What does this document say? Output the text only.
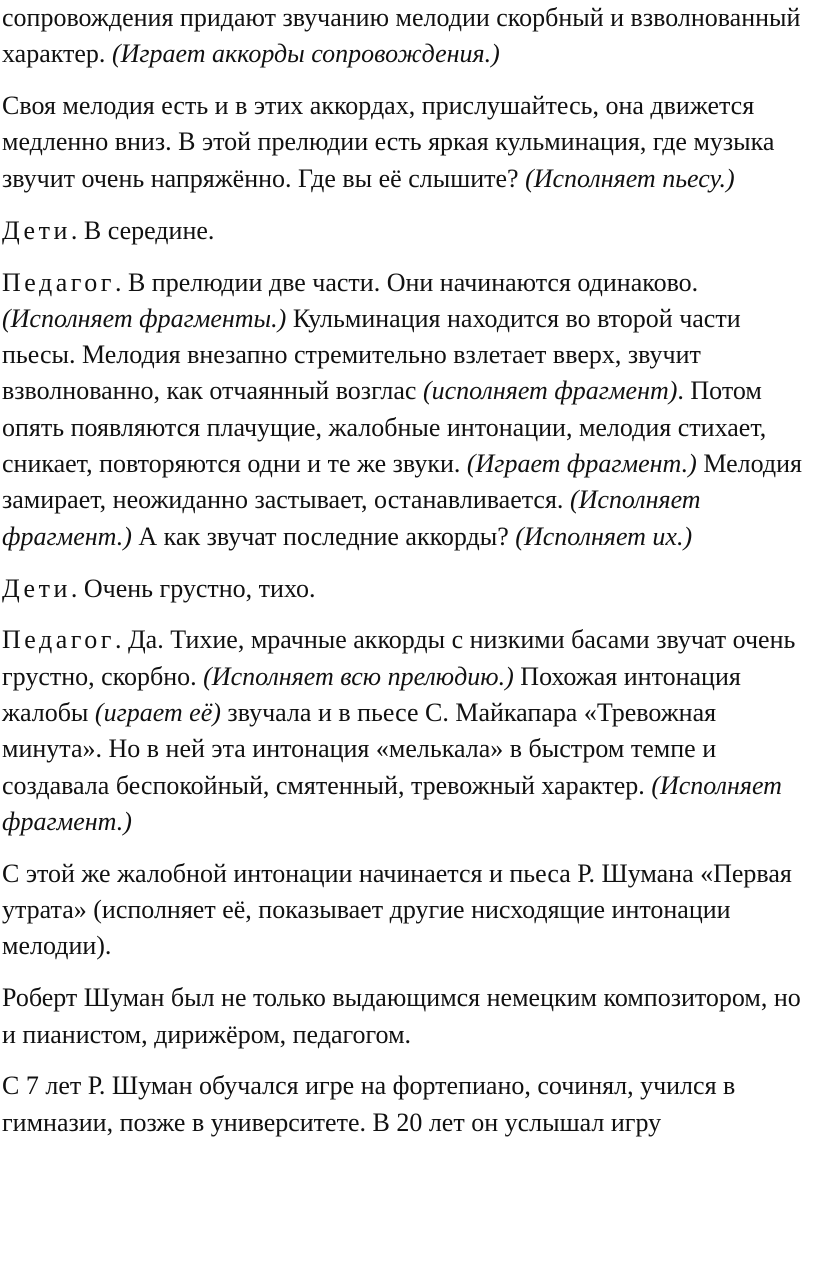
сопровождения придают звучанию мелодии скорбный и взволнованный характер. (Играет аккорды сопровождения.)

Своя мелодия есть и в этих аккордах, прислушайтесь, она движется медленно вниз. В этой прелюдии есть яркая кульминация, где музыка звучит очень напряжённо. Где вы её слышите? (Исполняет пьесу.)

Дети. В середине.

Педагог. В прелюдии две части. Они начинаются одинаково. (Исполняет фрагменты.) Кульминация находится во второй части пьесы. Мелодия внезапно стремительно взлетает вверх, звучит взволнованно, как отчаянный возглас (исполняет фрагмент). Потом опять появляются плачущие, жалобные интонации, мелодия стихает, сникает, повторяются одни и те же звуки. (Играет фрагмент.) Мелодия замирает, неожиданно застывает, останавливается. (Исполняет фрагмент.) А как звучат последние аккорды? (Исполняет их.)

Дети. Очень грустно, тихо.

Педагог. Да. Тихие, мрачные аккорды с низкими басами звучат очень грустно, скорбно. (Исполняет всю прелюдию.) Похожая интонация жалобы (играет её) звучала и в пьесе С. Майкапара «Тревожная минута». Но в ней эта интонация «мелькала» в быстром темпе и создавала беспокойный, смятенный, тревожный характер. (Исполняет фрагмент.)

С этой же жалобной интонации начинается и пьеса Р. Шумана «Первая утрата» (исполняет её, показывает другие нисходящие интонации мелодии).

Роберт Шуман был не только выдающимся немецким композитором, но и пианистом, дирижёром, педагогом.

С 7 лет Р. Шуман обучался игре на фортепиано, сочинял, учился в гимназии, позже в университете. В 20 лет он услышал игру
